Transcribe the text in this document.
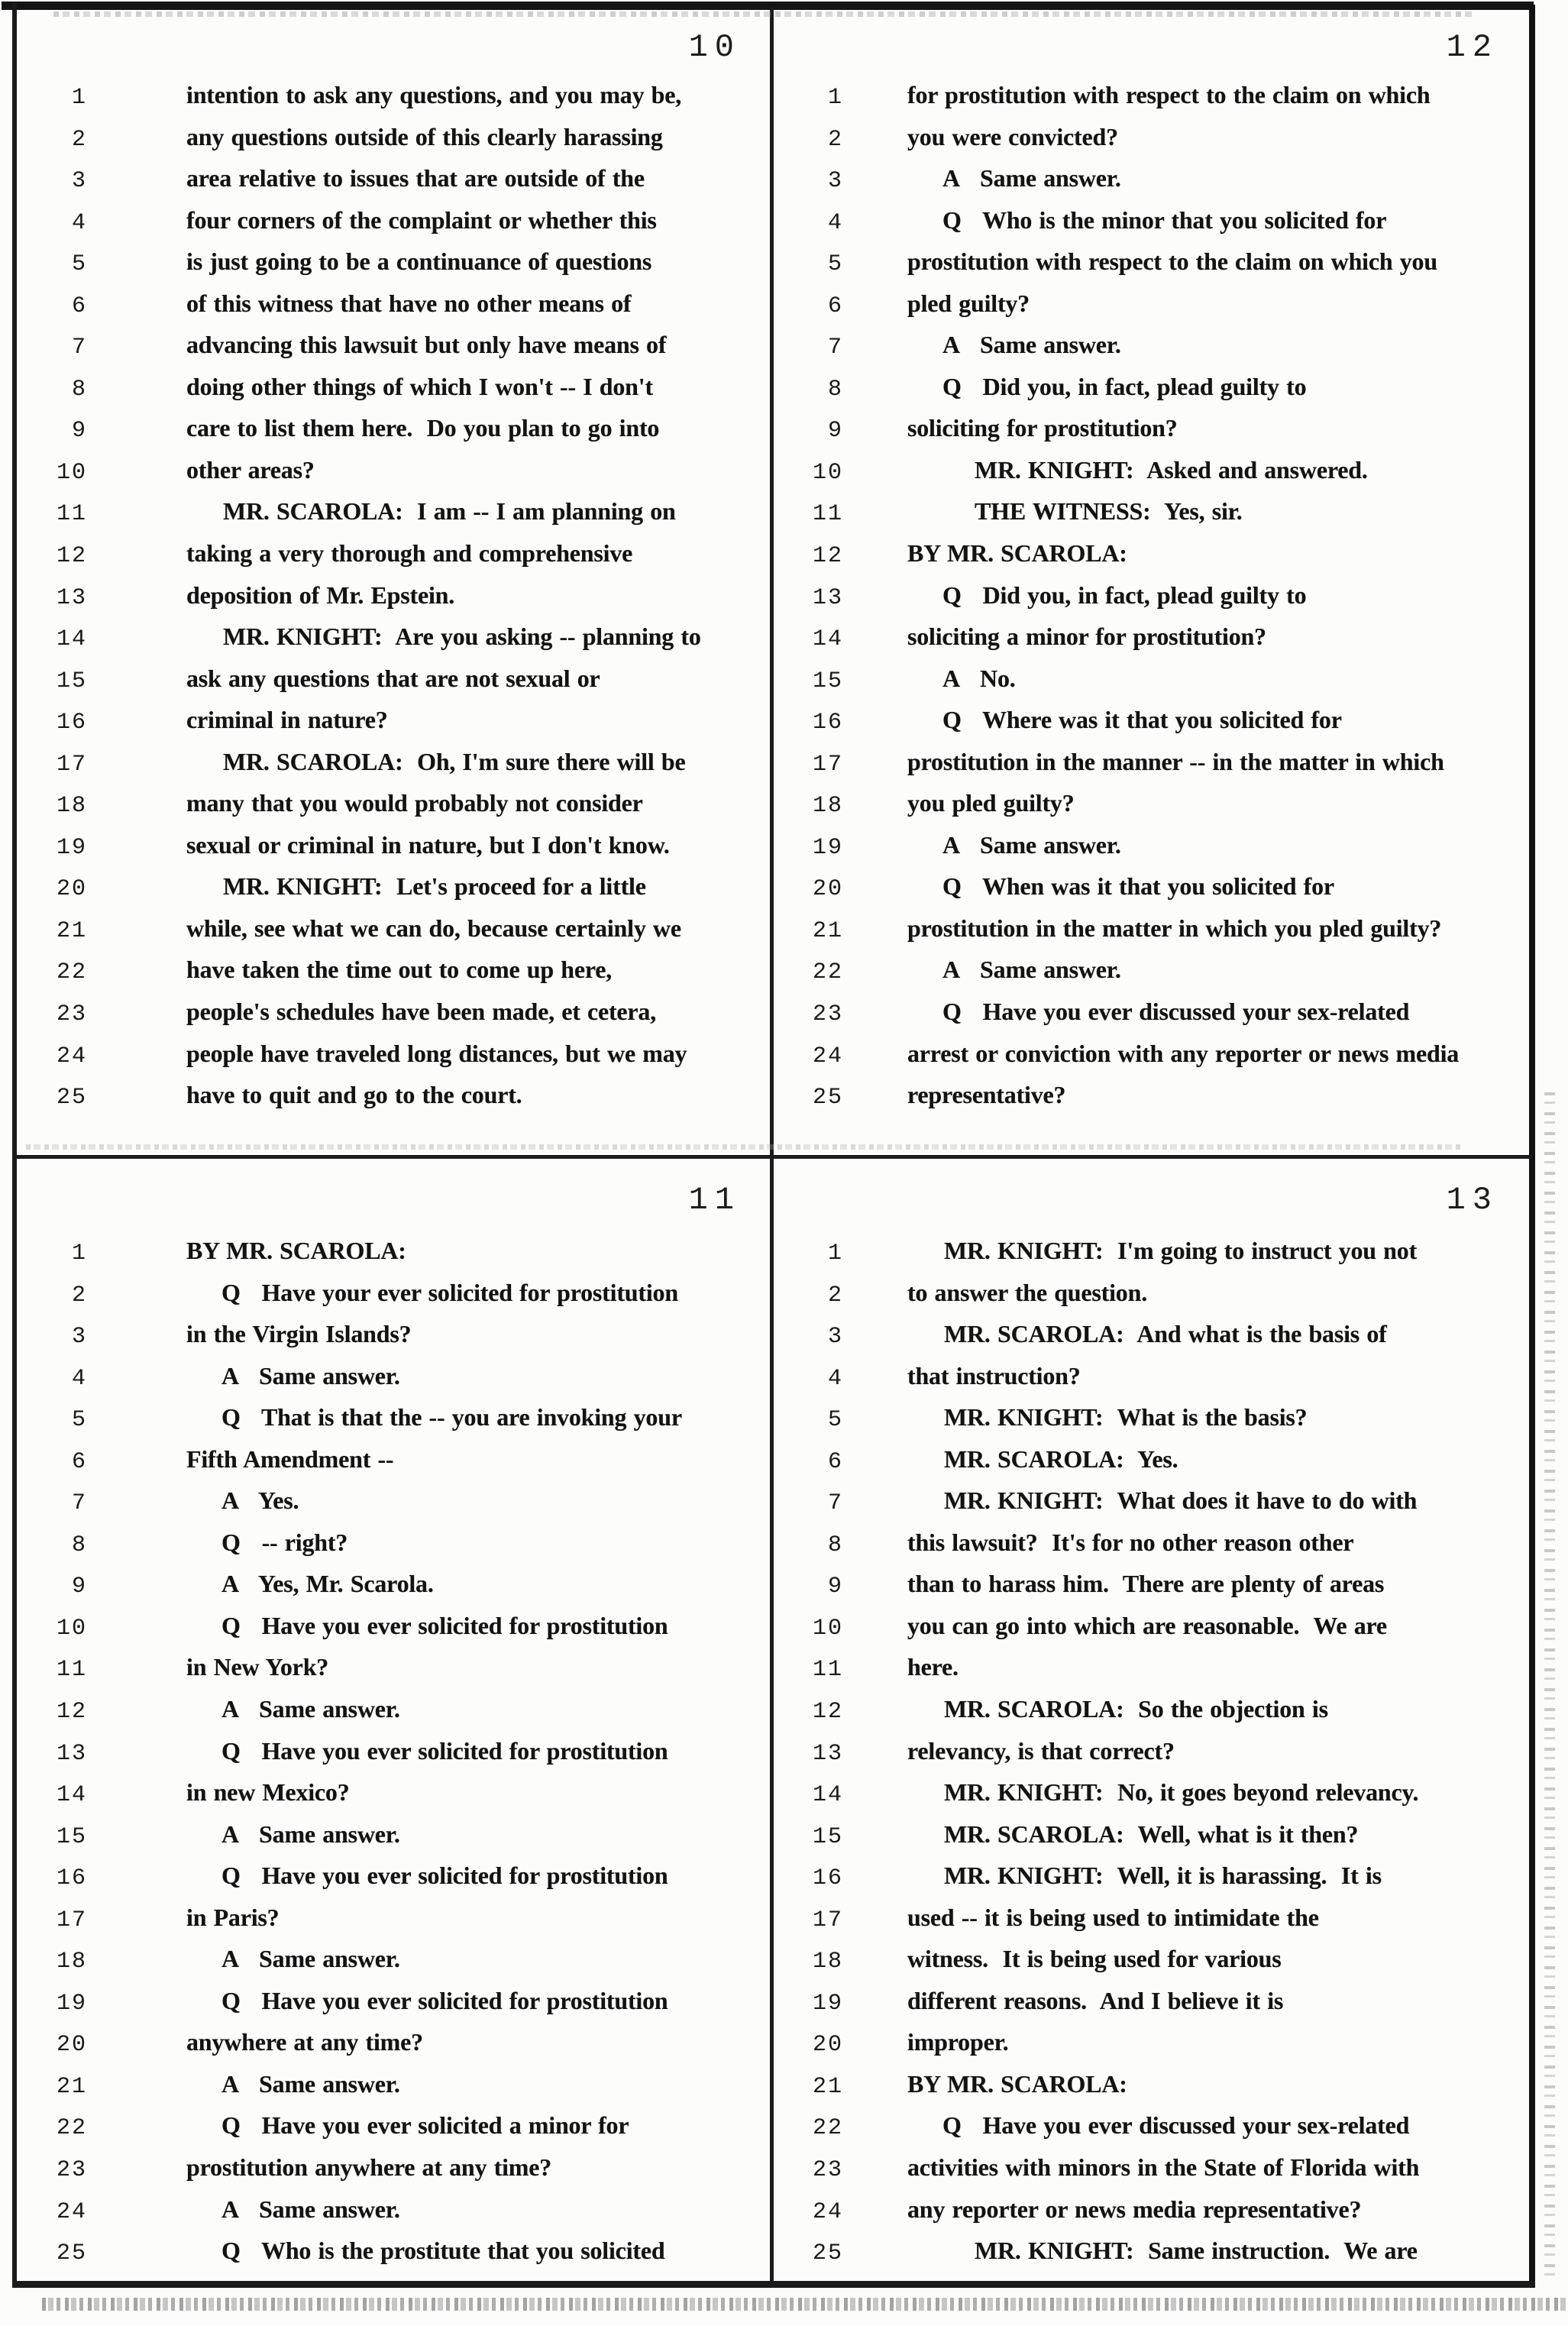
10
1	intention to ask any questions, and you may be,
2	any questions outside of this clearly harassing
3	area relative to issues that are outside of the
4	four corners of the complaint or whether this
5	is just going to be a continuance of questions
6	of this witness that have no other means of
7	advancing this lawsuit but only have means of
8	doing other things of which I won't -- I don't
9	care to list them here.  Do you plan to go into
10	other areas?
11	MR. SCAROLA:  I am -- I am planning on
12	taking a very thorough and comprehensive
13	deposition of Mr. Epstein.
14	MR. KNIGHT:  Are you asking -- planning to
15	ask any questions that are not sexual or
16	criminal in nature?
17	MR. SCAROLA:  Oh, I'm sure there will be
18	many that you would probably not consider
19	sexual or criminal in nature, but I don't know.
20	MR. KNIGHT:  Let's proceed for a little
21	while, see what we can do, because certainly we
22	have taken the time out to come up here,
23	people's schedules have been made, et cetera,
24	people have traveled long distances, but we may
25	have to quit and go to the court.
12
1	for prostitution with respect to the claim on which
2	you were convicted?
3	A   Same answer.
4	Q   Who is the minor that you solicited for
5	prostitution with respect to the claim on which you
6	pled guilty?
7	A   Same answer.
8	Q   Did you, in fact, plead guilty to
9	soliciting for prostitution?
10	MR. KNIGHT:  Asked and answered.
11	THE WITNESS:  Yes, sir.
12	BY MR. SCAROLA:
13	Q   Did you, in fact, plead guilty to
14	soliciting a minor for prostitution?
15	A   No.
16	Q   Where was it that you solicited for
17	prostitution in the manner -- in the matter in which
18	you pled guilty?
19	A   Same answer.
20	Q   When was it that you solicited for
21	prostitution in the matter in which you pled guilty?
22	A   Same answer.
23	Q   Have you ever discussed your sex-related
24	arrest or conviction with any reporter or news media
25	representative?
11
1	BY MR. SCAROLA:
2	Q   Have your ever solicited for prostitution
3	in the Virgin Islands?
4	A   Same answer.
5	Q   That is that the -- you are invoking your
6	Fifth Amendment --
7	A   Yes.
8	Q   -- right?
9	A   Yes, Mr. Scarola.
10	Q   Have you ever solicited for prostitution
11	in New York?
12	A   Same answer.
13	Q   Have you ever solicited for prostitution
14	in new Mexico?
15	A   Same answer.
16	Q   Have you ever solicited for prostitution
17	in Paris?
18	A   Same answer.
19	Q   Have you ever solicited for prostitution
20	anywhere at any time?
21	A   Same answer.
22	Q   Have you ever solicited a minor for
23	prostitution anywhere at any time?
24	A   Same answer.
25	Q   Who is the prostitute that you solicited
13
1	MR. KNIGHT:  I'm going to instruct you not
2	to answer the question.
3	MR. SCAROLA:  And what is the basis of
4	that instruction?
5	MR. KNIGHT:  What is the basis?
6	MR. SCAROLA:  Yes.
7	MR. KNIGHT:  What does it have to do with
8	this lawsuit?  It's for no other reason other
9	than to harass him.  There are plenty of areas
10	you can go into which are reasonable.  We are
11	here.
12	MR. SCAROLA:  So the objection is
13	relevancy, is that correct?
14	MR. KNIGHT:  No, it goes beyond relevancy.
15	MR. SCAROLA:  Well, what is it then?
16	MR. KNIGHT:  Well, it is harassing.  It is
17	used -- it is being used to intimidate the
18	witness.  It is being used for various
19	different reasons.  And I believe it is
20	improper.
21	BY MR. SCAROLA:
22	Q   Have you ever discussed your sex-related
23	activities with minors in the State of Florida with
24	any reporter or news media representative?
25	MR. KNIGHT:  Same instruction.  We are
